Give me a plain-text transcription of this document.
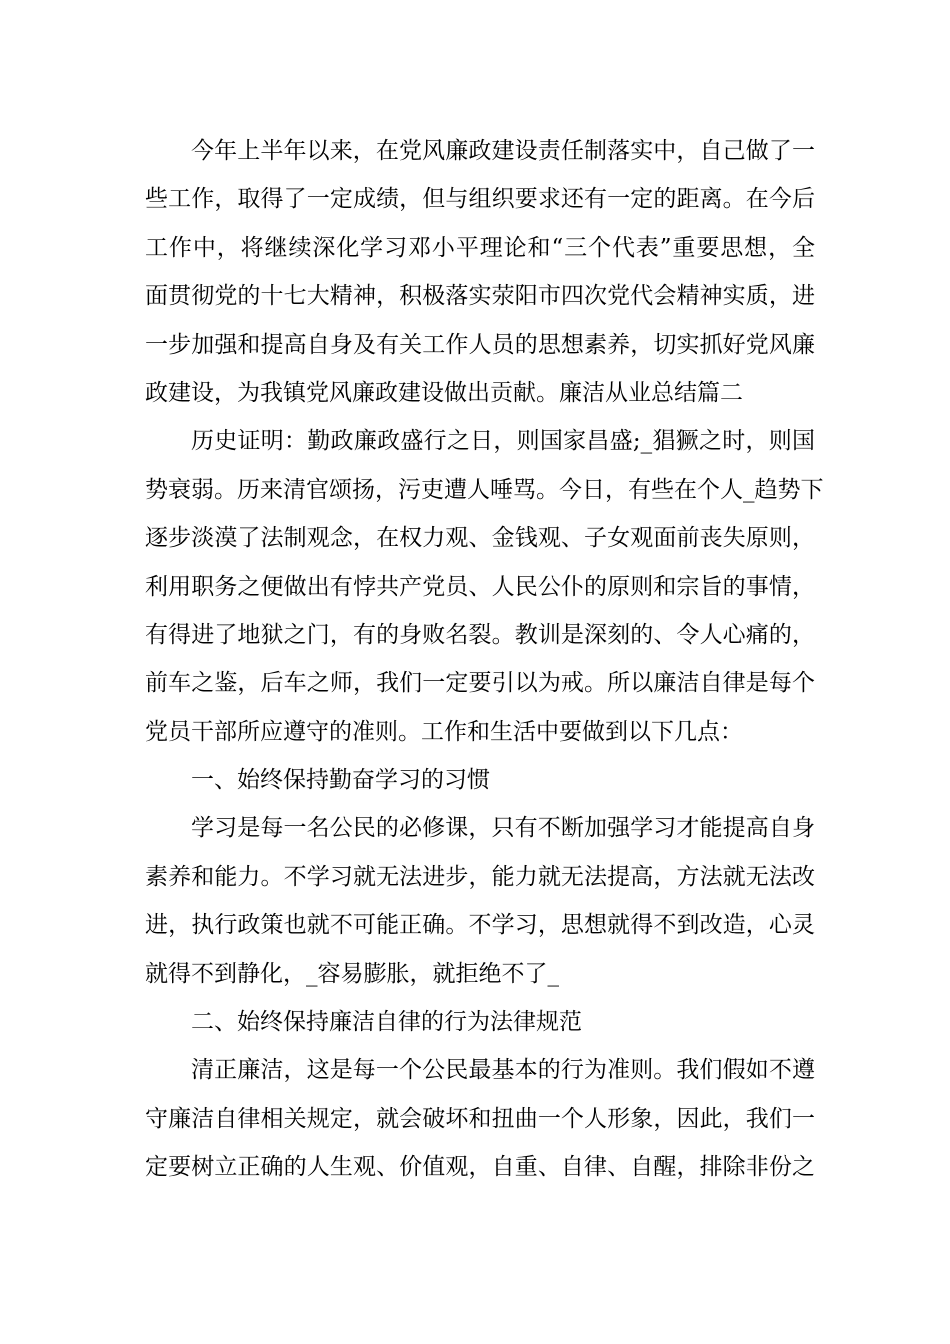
今年上半年以来，在党风廉政建设责任制落实中，自己做了一
些工作，取得了一定成绩，但与组织要求还有一定的距离。在今后
工作中，将继续深化学习邓小平理论和“三个代表”重要思想，全
面贯彻党的十七大精神，积极落实荥阳市四次党代会精神实质，进
一步加强和提高自身及有关工作人员的思想素养，切实抓好党风廉
政建设，为我镇党风廉政建设做出贡献。廉洁从业总结篇二
历史证明：勤政廉政盛行之日，则国家昌盛;_猖獗之时，则国
势衰弱。历来清官颂扬，污吏遭人唾骂。今日，有些在个人_趋势下
逐步淡漠了法制观念，在权力观、金钱观、子女观面前丧失原则，
利用职务之便做出有悖共产党员、人民公仆的原则和宗旨的事情，
有得进了地狱之门，有的身败名裂。教训是深刻的、令人心痛的，
前车之鉴，后车之师，我们一定要引以为戒。所以廉洁自律是每个
党员干部所应遵守的准则。工作和生活中要做到以下几点：
一、始终保持勤奋学习的习惯
学习是每一名公民的必修课，只有不断加强学习才能提高自身
素养和能力。不学习就无法进步，能力就无法提高，方法就无法改
进，执行政策也就不可能正确。不学习，思想就得不到改造，心灵
就得不到静化，_容易膨胀，就拒绝不了_
二、始终保持廉洁自律的行为法律规范
清正廉洁，这是每一个公民最基本的行为准则。我们假如不遵
守廉洁自律相关规定，就会破坏和扭曲一个人形象，因此，我们一
定要树立正确的人生观、价值观，自重、自律、自醒，排除非份之
